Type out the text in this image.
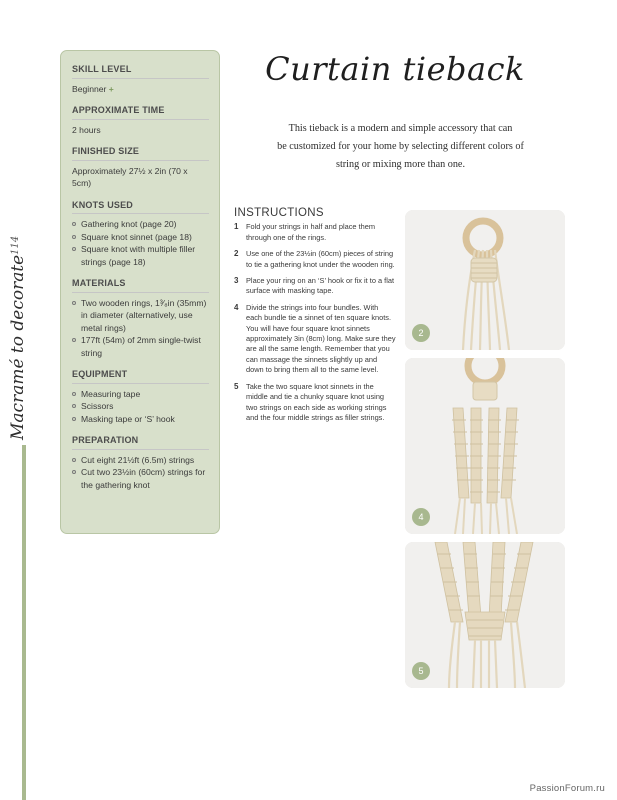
114
Macramé to decorate
SKILL LEVEL

Beginner +

APPROXIMATE TIME

2 hours

FINISHED SIZE

Approximately 27½ x 2in (70 x 5cm)

KNOTS USED
Gathering knot (page 20)
Square knot sinnet (page 18)
Square knot with multiple filler strings (page 18)
MATERIALS
Two wooden rings, 1³⁄₈in (35mm) in diameter (alternatively, use metal rings)
177ft (54m) of 2mm single-twist string
EQUIPMENT
Measuring tape
Scissors
Masking tape or ‘S’ hook
PREPARATION
Cut eight 21½ft (6.5m) strings
Cut two 23½in (60cm) strings for the gathering knot
Curtain tieback
This tieback is a modern and simple accessory that can
be customized for your home by selecting different colors of
string or mixing more than one.
INSTRUCTIONS
1 Fold your strings in half and place them through one of the rings.
2 Use one of the 23½in (60cm) pieces of string to tie a gathering knot under the wooden ring.
3 Place your ring on an ‘S’ hook or fix it to a flat surface with masking tape.
4 Divide the strings into four bundles. With each bundle tie a sinnet of ten square knots. You will have four square knot sinnets approximately 3in (8cm) long. Make sure they are all the same length. Remember that you can massage the sinnets slightly up and down to bring them all to the same level.
5 Take the two square knot sinnets in the middle and tie a chunky square knot using two strings on each side as working strings and the four middle strings as filler strings.
2
4
5
PassionForum.ru
